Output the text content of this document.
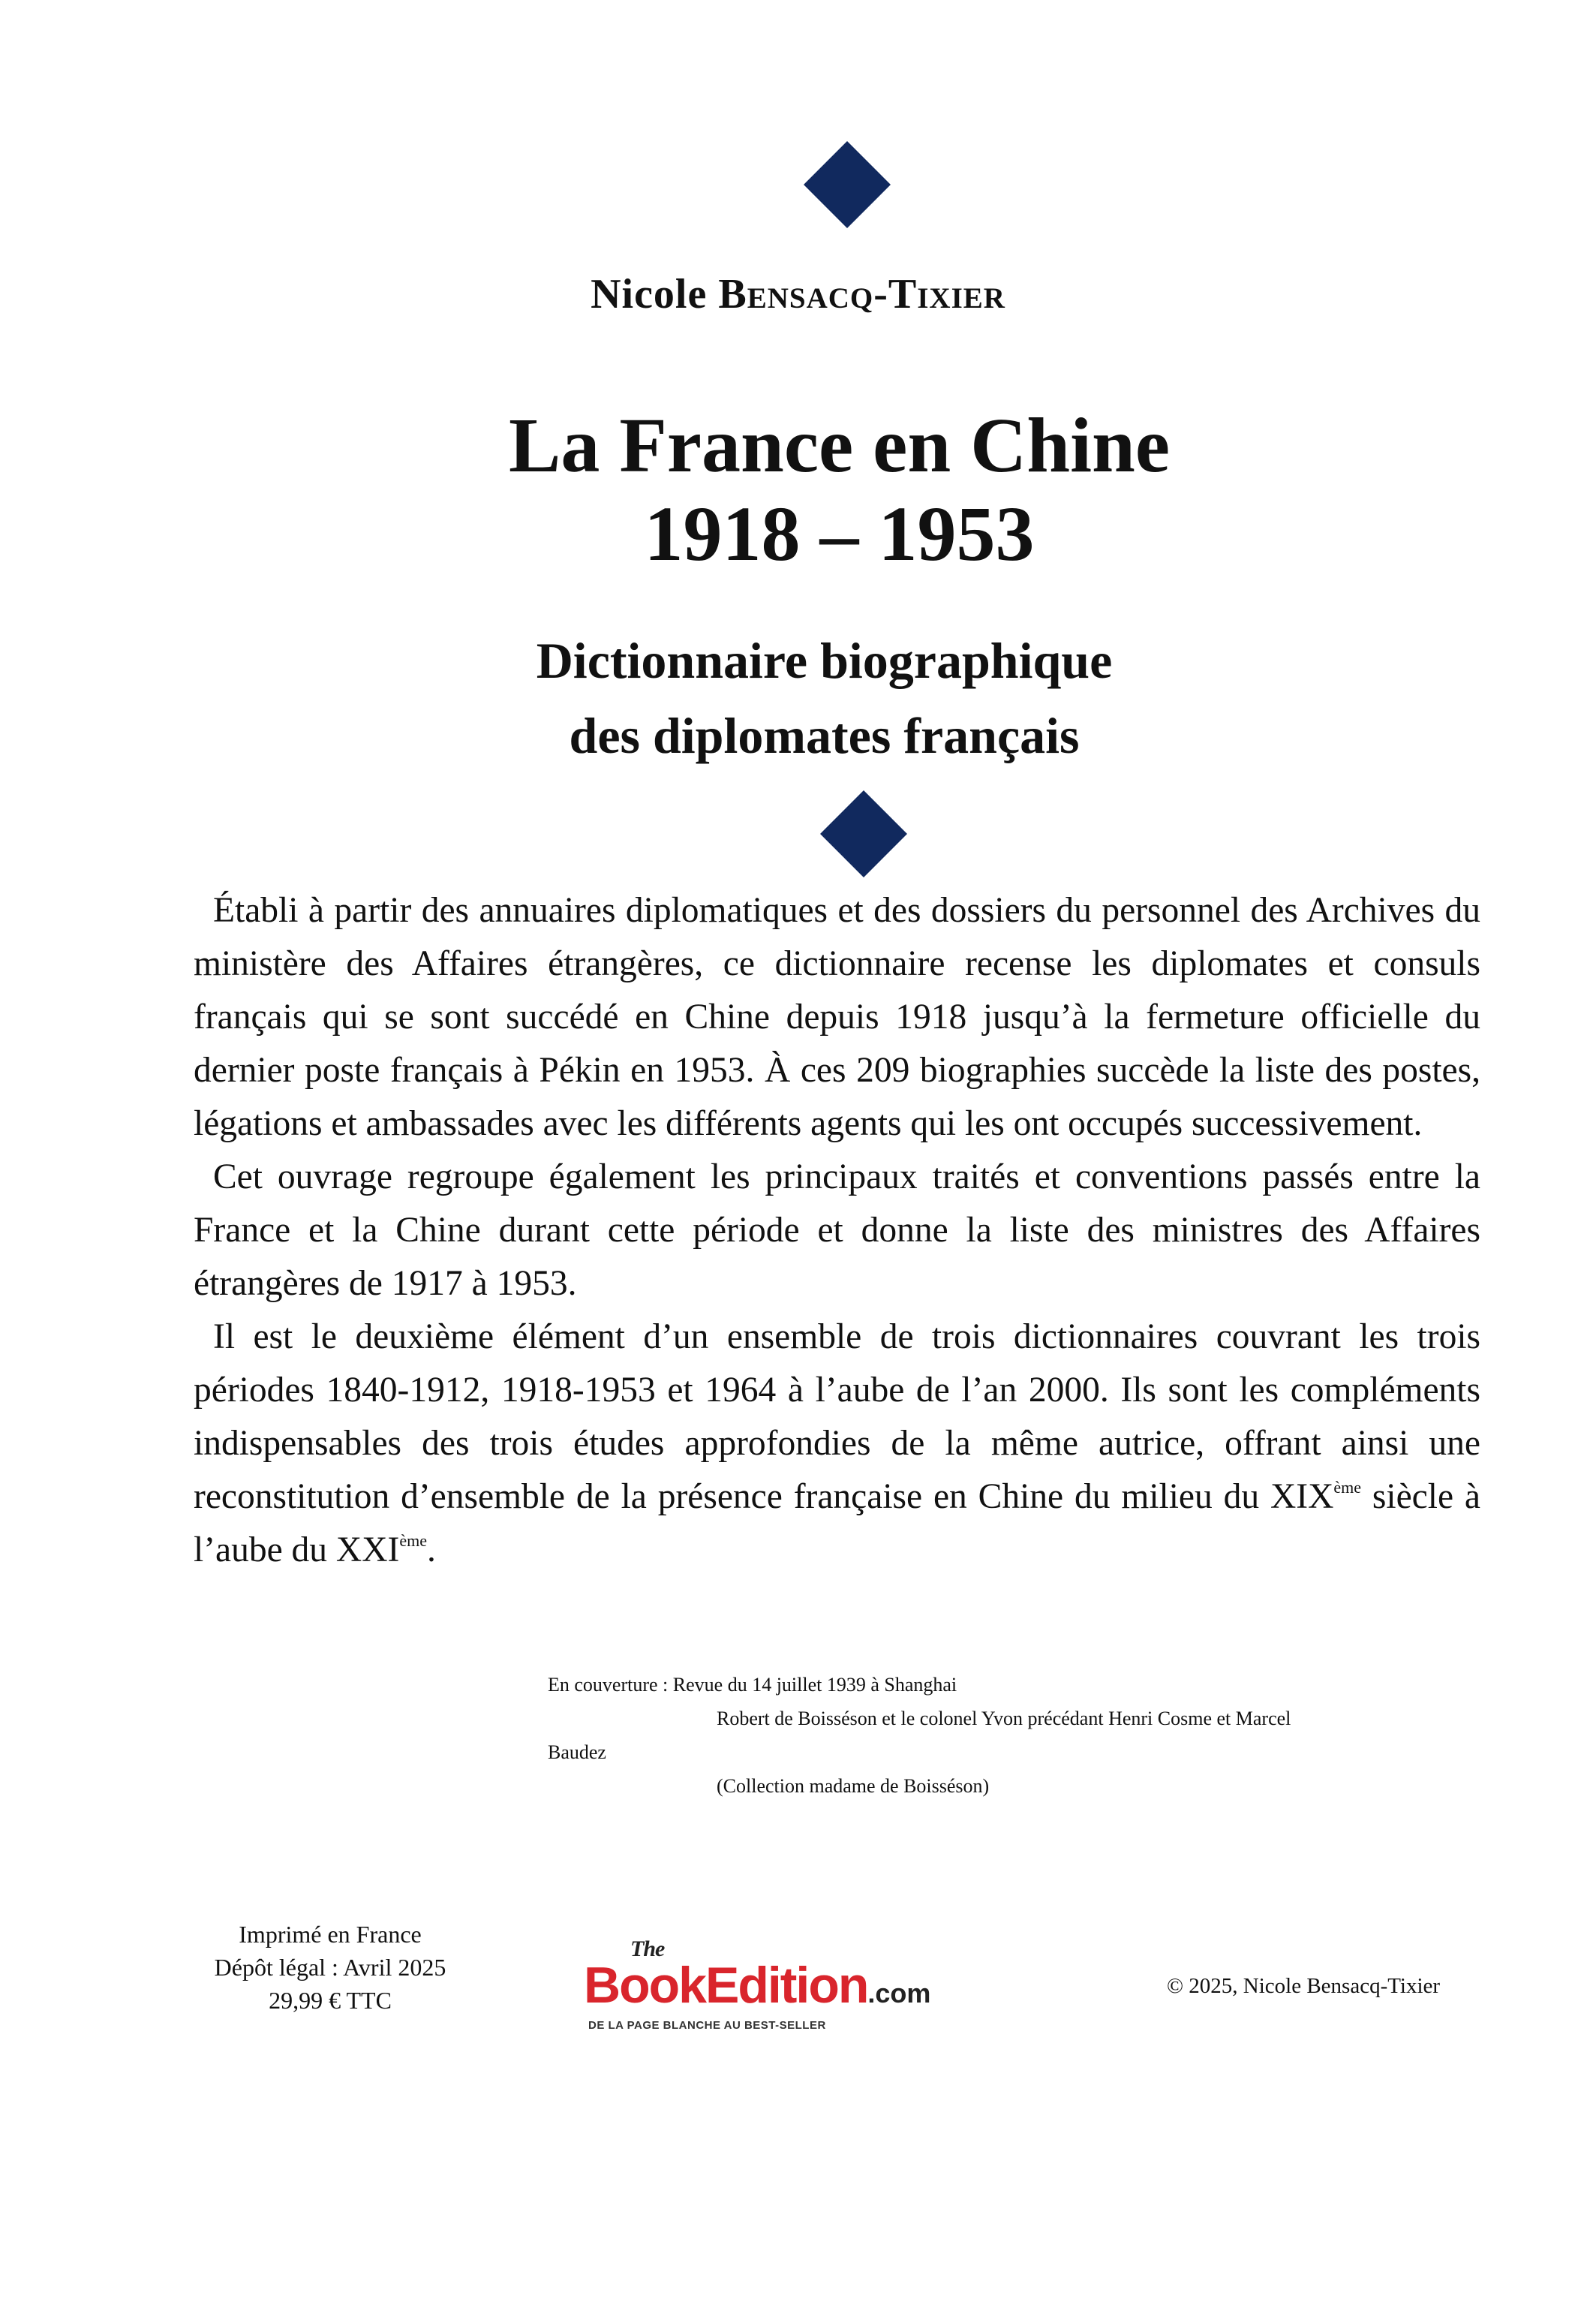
Nicole Bensacq-Tixier
La France en Chine
1918 – 1953
Dictionnaire biographique
des diplomates français

Établi à partir des annuaires diplomatiques et des dossiers du personnel des Archives du ministère des Affaires étrangères, ce dictionnaire recense les diplomates et consuls français qui se sont succédé en Chine depuis 1918 jusqu’à la fermeture officielle du dernier poste français à Pékin en 1953. À ces 209 biographies succède la liste des postes, légations et ambassades avec les différents agents qui les ont occupés successivement.

Cet ouvrage regroupe également les principaux traités et conventions passés entre la France et la Chine durant cette période et donne la liste des ministres des Affaires étrangères de 1917 à 1953.

Il est le deuxième élément d’un ensemble de trois dictionnaires couvrant les trois périodes 1840-1912, 1918-1953 et 1964 à l’aube de l’an 2000. Ils sont les compléments indispensables des trois études approfondies de la même autrice, offrant ainsi une reconstitution d’ensemble de la présence française en Chine du milieu du XIXème siècle à l’aube du XXIème.

En couverture : Revue du 14 juillet 1939 à Shanghai
Robert de Boisséson et le colonel Yvon précédant Henri Cosme et Marcel
Baudez
(Collection madame de Boisséson)
Imprimé en France
Dépôt légal : Avril 2025
29,99 € TTC
The
BookEdition.com
DE LA PAGE BLANCHE AU BEST-SELLER
© 2025, Nicole Bensacq-Tixier
